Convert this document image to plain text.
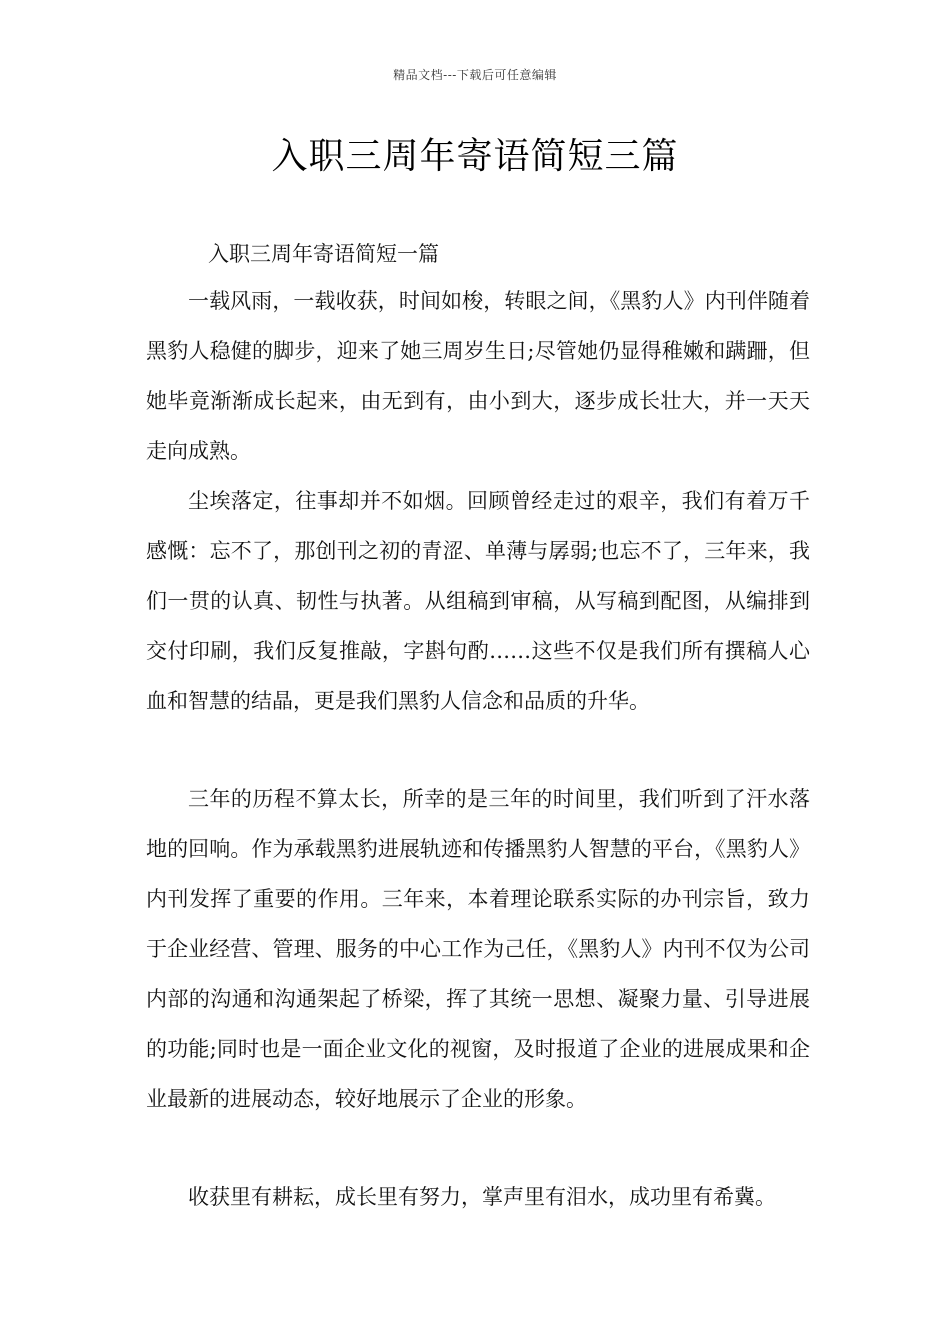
精品文档---下载后可任意编辑
入职三周年寄语简短三篇
入职三周年寄语简短一篇

一载风雨，一载收获，时间如梭，转眼之间，《黑豹人》内刊伴随着黑豹人稳健的脚步，迎来了她三周岁生日;尽管她仍显得稚嫩和蹒跚，但她毕竟渐渐成长起来，由无到有，由小到大，逐步成长壮大，并一天天走向成熟。

尘埃落定，往事却并不如烟。回顾曾经走过的艰辛，我们有着万千感慨：忘不了，那创刊之初的青涩、单薄与孱弱;也忘不了，三年来，我们一贯的认真、韧性与执著。从组稿到审稿，从写稿到配图，从编排到交付印刷，我们反复推敲，字斟句酌……这些不仅是我们所有撰稿人心血和智慧的结晶，更是我们黑豹人信念和品质的升华。

三年的历程不算太长，所幸的是三年的时间里，我们听到了汗水落地的回响。作为承载黑豹进展轨迹和传播黑豹人智慧的平台，《黑豹人》内刊发挥了重要的作用。三年来，本着理论联系实际的办刊宗旨，致力于企业经营、管理、服务的中心工作为己任，《黑豹人》内刊不仅为公司内部的沟通和沟通架起了桥梁，挥了其统一思想、凝聚力量、引导进展的功能;同时也是一面企业文化的视窗，及时报道了企业的进展成果和企业最新的进展动态，较好地展示了企业的形象。

收获里有耕耘，成长里有努力，掌声里有泪水，成功里有希冀。
